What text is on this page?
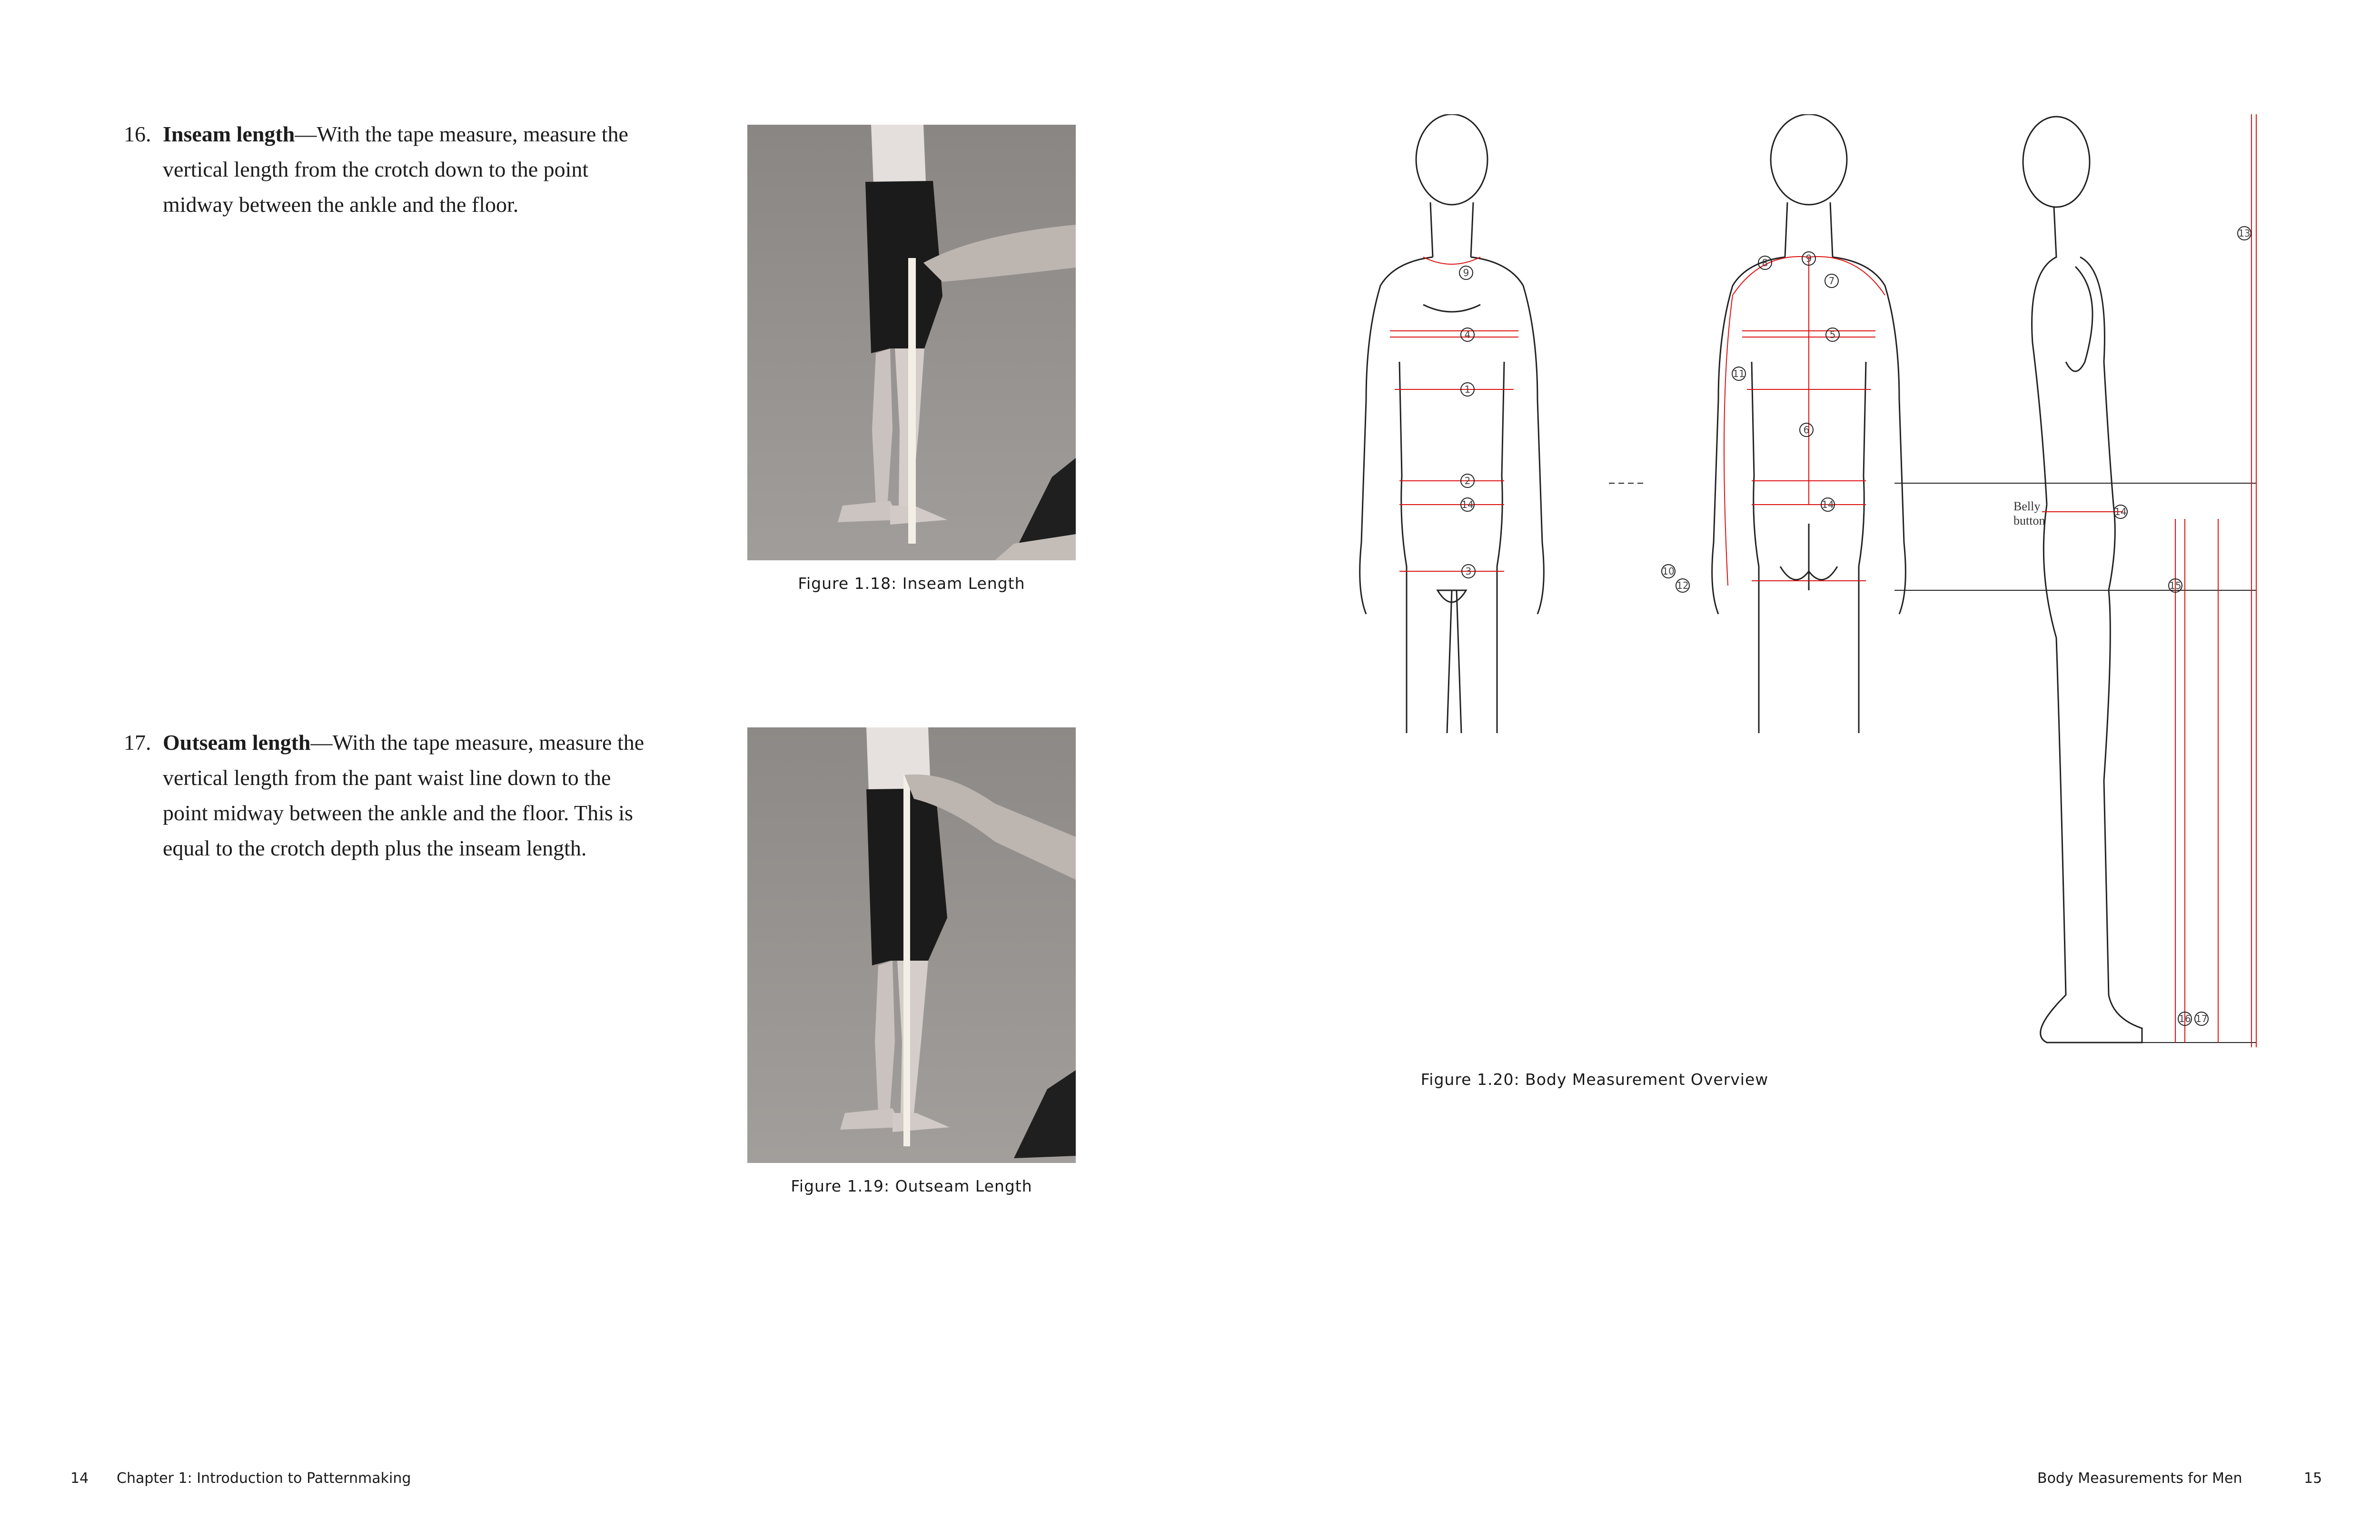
16. Inseam length—With the tape measure, measure the vertical length from the crotch down to the point midway between the ankle and the floor.
Figure 1.18: Inseam Length
17. Outseam length—With the tape measure, measure the vertical length from the pant waist line down to the point midway between the ankle and the floor. This is equal to the crotch depth plus the inseam length.
Figure 1.19: Outseam Length
14 Chapter 1: Introduction to Patternmaking
Figure 1.20: Body Measurement Overview
Body Measurements for Men	15
9
4
1
2
14
3
8	9
7
5
11
6
14
10
12
13
14
15
16 17
Belly
button
